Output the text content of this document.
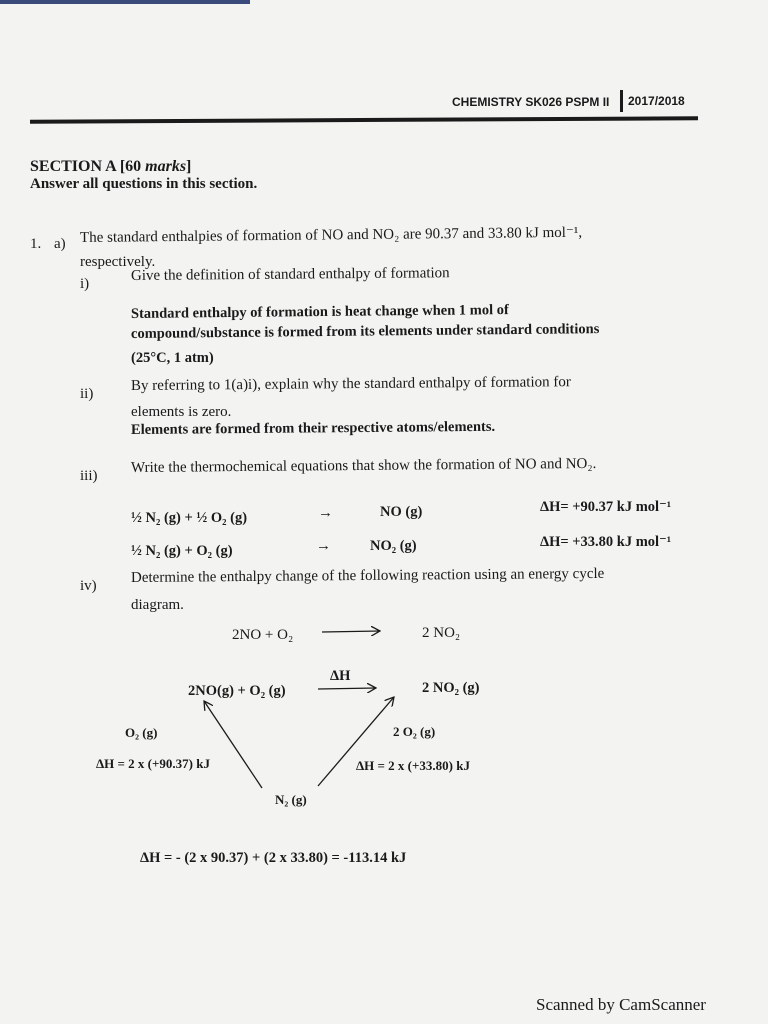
CHEMISTRY SK026 PSPM II 2017/2018
SECTION A [60 marks]
Answer all questions in this section.
1. a) The standard enthalpies of formation of NO and NO₂ are 90.37 and 33.80 kJ mol⁻¹,
respectively.
i)
Give the definition of standard enthalpy of formation
Standard enthalpy of formation is heat change when 1 mol of
compound/substance is formed from its elements under standard conditions
(25°C, 1 atm)
ii)
By referring to 1(a)i), explain why the standard enthalpy of formation for
elements is zero.
Elements are formed from their respective atoms/elements.
iii)
Write the thermochemical equations that show the formation of NO and NO₂.
½ N₂ (g) + ½ O₂ (g)	→	NO (g)	ΔH= +90.37 kJ mol⁻¹
½ N₂ (g) + O₂ (g)	→	NO₂ (g)	ΔH= +33.80 kJ mol⁻¹
iv)
Determine the enthalpy change of the following reaction using an energy cycle
diagram.
2NO + O₂	2 NO₂
2NO(g) + O₂ (g)
ΔH
2 NO₂ (g)
O₂ (g)
ΔH = 2 x (+90.37) kJ
2 O₂ (g)
ΔH = 2 x (+33.80) kJ
N₂ (g)
ΔH = - (2 x 90.37) + (2 x 33.80) = -113.14 kJ
Scanned by CamScanner
